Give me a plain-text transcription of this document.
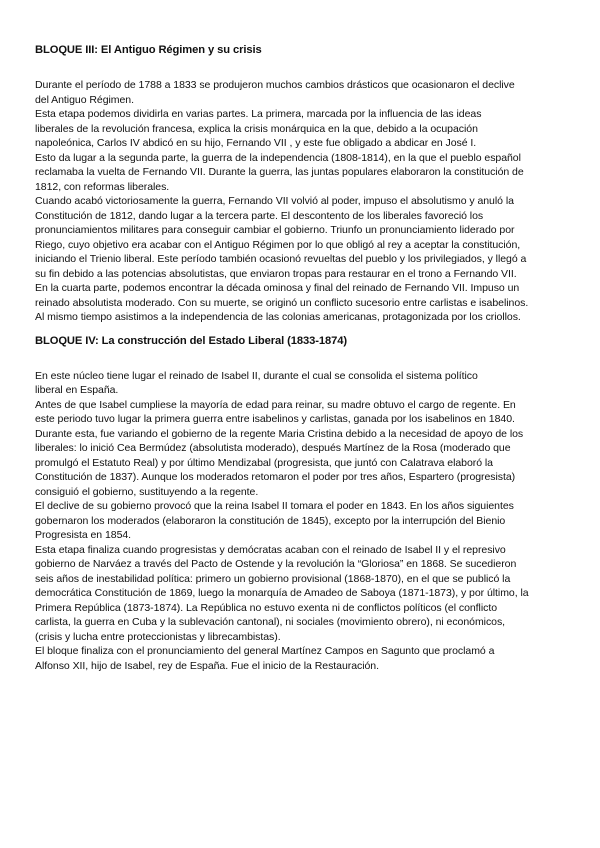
BLOQUE III: El Antiguo Régimen y su crisis

Durante el período de 1788 a 1833 se produjeron muchos cambios drásticos que ocasionaron el declive
del Antiguo Régimen.

Esta etapa podemos dividirla en varias partes. La primera, marcada por la influencia de las ideas
liberales de la revolución francesa, explica la crisis monárquica en la que, debido a la ocupación
napoleónica, Carlos IV abdicó en su hijo, Fernando VII , y este fue obligado a abdicar en José I.

Esto da lugar a la segunda parte, la guerra de la independencia (1808-1814), en la que el pueblo español
reclamaba la vuelta de Fernando VII. Durante la guerra, las juntas populares elaboraron la constitución de
1812, con reformas liberales.

Cuando acabó victoriosamente la guerra, Fernando VII volvió al poder, impuso el absolutismo y anuló la
Constitución de 1812, dando lugar a la tercera parte. El descontento de los liberales favoreció los
pronunciamientos militares para conseguir cambiar el gobierno. Triunfo un pronunciamiento liderado por
Riego, cuyo objetivo era acabar con el Antiguo Régimen por lo que obligó al rey a aceptar la constitución,
iniciando el Trienio liberal. Este período también ocasionó revueltas del pueblo y los privilegiados, y llegó a
su fin debido a las potencias absolutistas, que enviaron tropas para restaurar en el trono a Fernando VII.

En la cuarta parte, podemos encontrar la década ominosa y final del reinado de Fernando VII. Impuso un
reinado absolutista moderado. Con su muerte, se originó un conflicto sucesorio entre carlistas e isabelinos.

Al mismo tiempo asistimos a la independencia de las colonias americanas, protagonizada por los criollos.

BLOQUE IV: La construcción del Estado Liberal (1833-1874)

En este núcleo tiene lugar el reinado de Isabel II, durante el cual se consolida el sistema político
liberal en España.

Antes de que Isabel cumpliese la mayoría de edad para reinar, su madre obtuvo el cargo de regente. En
este periodo tuvo lugar la primera guerra entre isabelinos y carlistas, ganada por los isabelinos en 1840.

Durante esta, fue variando el gobierno de la regente Maria Cristina debido a la necesidad de apoyo de los
liberales: lo inició Cea Bermúdez (absolutista moderado), después Martínez de la Rosa (moderado que
promulgó el Estatuto Real) y por último Mendizabal (progresista, que juntó con Calatrava elaboró la
Constitución de 1837). Aunque los moderados retomaron el poder por tres años, Espartero (progresista)
consiguió el gobierno, sustituyendo a la regente.

El declive de su gobierno provocó que la reina Isabel II tomara el poder en 1843. En los años siguientes
gobernaron los moderados (elaboraron la constitución de 1845), excepto por la interrupción del Bienio
Progresista en 1854.

Esta etapa finaliza cuando progresistas y demócratas acaban con el reinado de Isabel II y el represivo
gobierno de Narváez a través del Pacto de Ostende y la revolución la “Gloriosa” en 1868. Se sucedieron
seis años de inestabilidad política: primero un gobierno provisional (1868-1870), en el que se publicó la
democrática Constitución de 1869, luego la monarquía de Amadeo de Saboya (1871-1873), y por último, la
Primera República (1873-1874). La República no estuvo exenta ni de conflictos políticos (el conflicto
carlista, la guerra en Cuba y la sublevación cantonal), ni sociales (movimiento obrero), ni económicos,
(crisis y lucha entre proteccionistas y librecambistas).

El bloque finaliza con el pronunciamiento del general Martínez Campos en Sagunto que proclamó a
Alfonso XII, hijo de Isabel, rey de España. Fue el inicio de la Restauración.
